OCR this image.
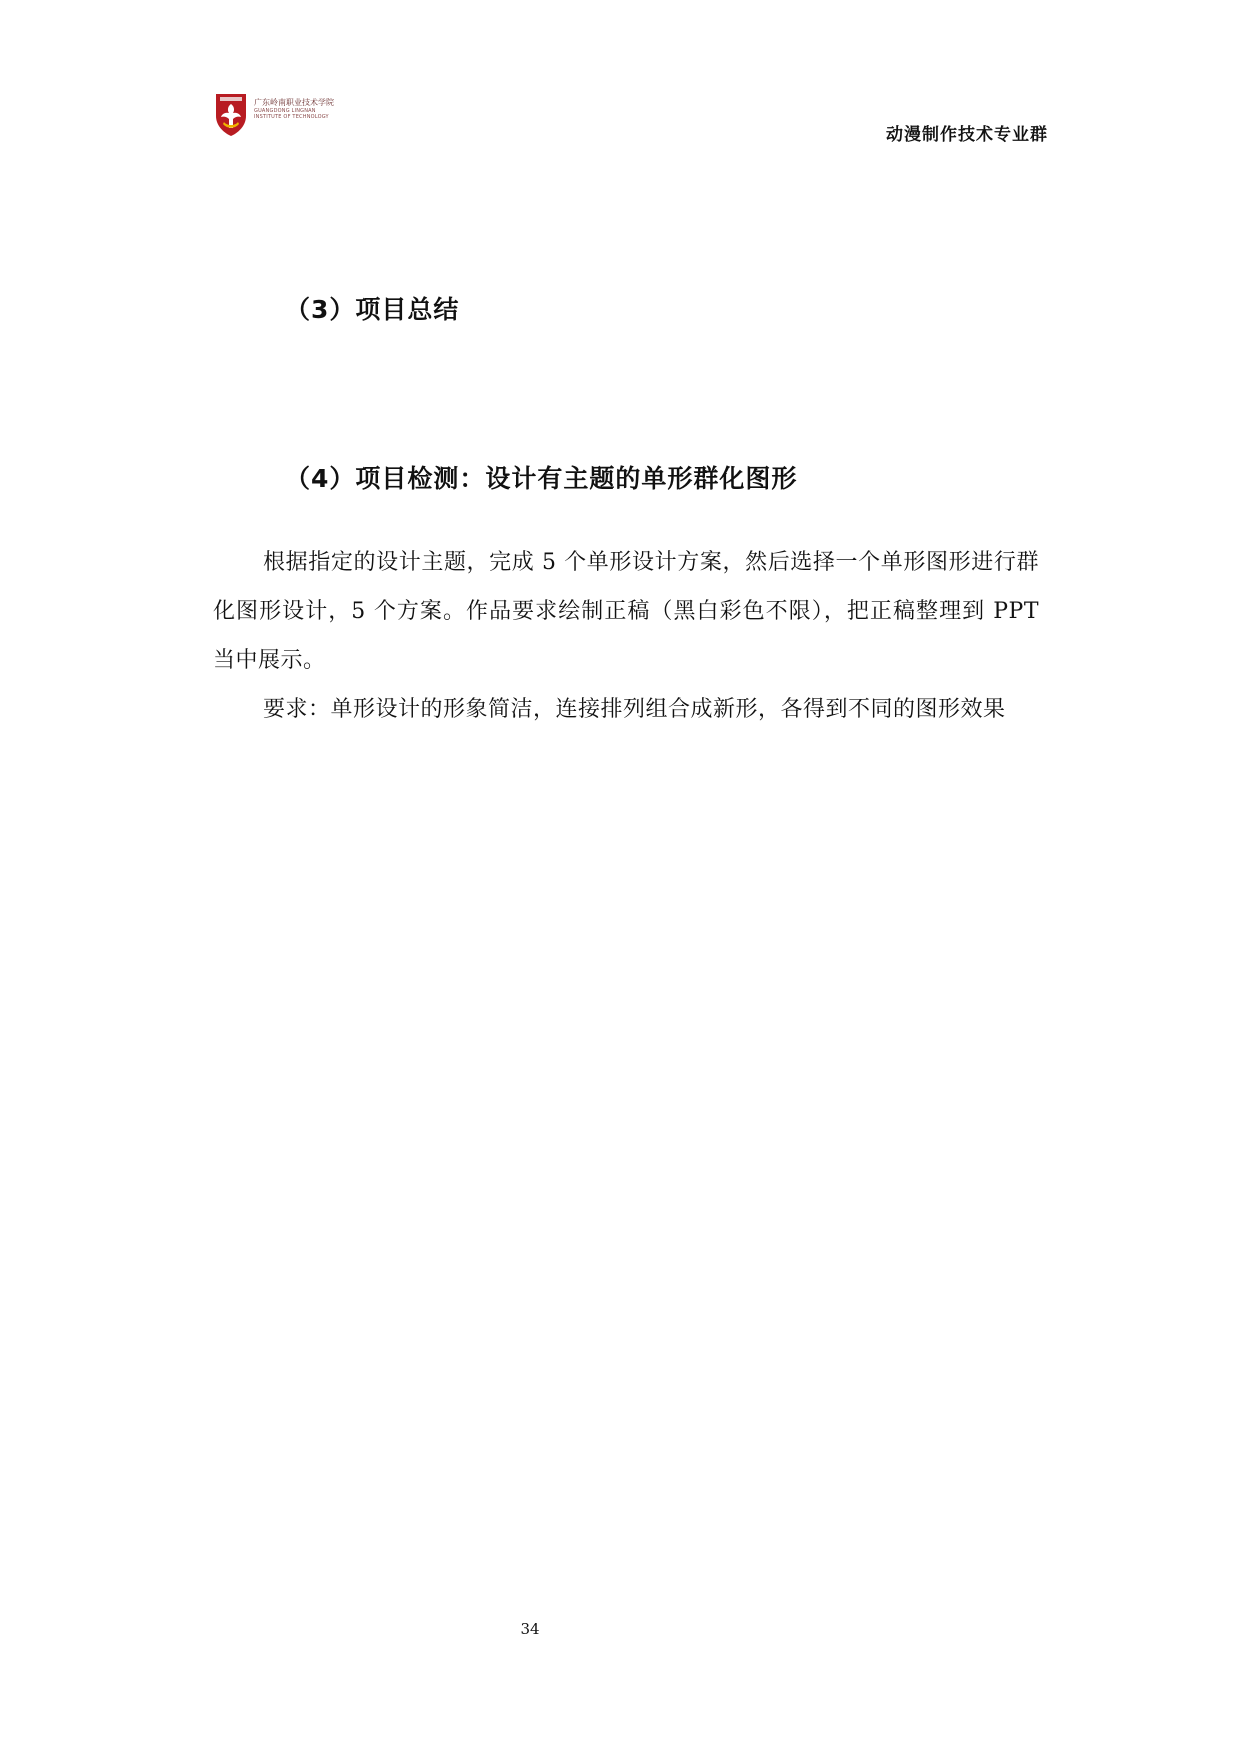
广东岭南职业技术学院
GUANGDONG LINGNAN
INSTITUTE OF TECHNOLOGY
动漫制作技术专业群
（3）项目总结
（4）项目检测：设计有主题的单形群化图形
根据指定的设计主题，完成 5 个单形设计方案，然后选择一个单形图形进行群化图形设计，5 个方案。作品要求绘制正稿（黑白彩色不限），把正稿整理到 PPT 当中展示。
要求：单形设计的形象简洁，连接排列组合成新形，各得到不同的图形效果
34
